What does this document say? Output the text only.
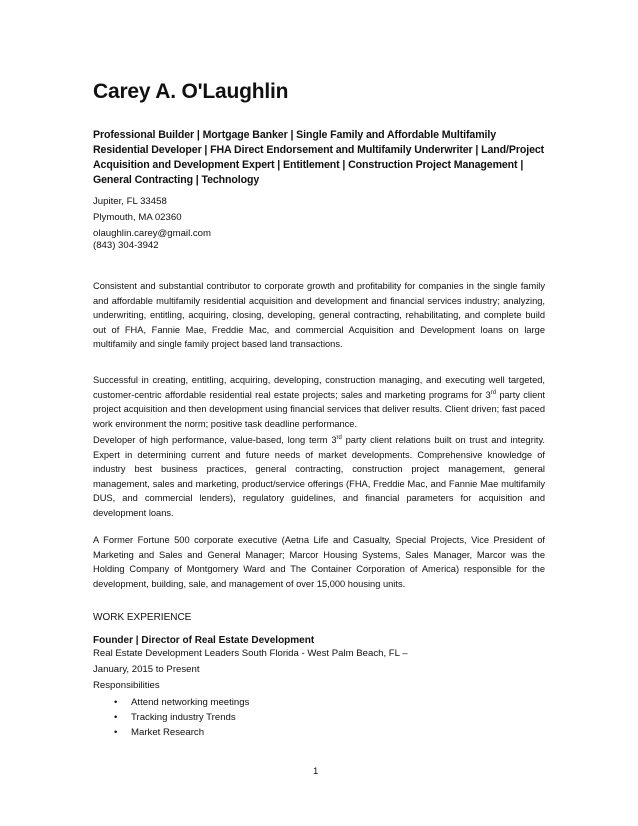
Carey A. O'Laughlin
Professional Builder | Mortgage Banker | Single Family and Affordable Multifamily Residential Developer | FHA Direct Endorsement and Multifamily Underwriter | Land/Project Acquisition and Development Expert | Entitlement | Construction Project Management | General Contracting | Technology
Jupiter, FL 33458
Plymouth, MA 02360
olaughlin.carey@gmail.com
(843) 304-3942
Consistent and substantial contributor to corporate growth and profitability for companies in the single family and affordable multifamily residential acquisition and development and financial services industry; analyzing, underwriting, entitling, acquiring, closing, developing, general contracting, rehabilitating, and complete build out of FHA, Fannie Mae, Freddie Mac, and commercial Acquisition and Development loans on large multifamily and single family project based land transactions.
Successful in creating, entitling, acquiring, developing, construction managing, and executing well targeted, customer-centric affordable residential real estate projects; sales and marketing programs for 3rd party client project acquisition and then development using financial services that deliver results. Client driven; fast paced work environment the norm; positive task deadline performance.
Developer of high performance, value-based, long term 3rd party client relations built on trust and integrity. Expert in determining current and future needs of market developments. Comprehensive knowledge of industry best business practices, general contracting, construction project management, general management, sales and marketing, product/service offerings (FHA, Freddie Mac, and Fannie Mae multifamily DUS, and commercial lenders), regulatory guidelines, and financial parameters for acquisition and development loans.
A Former Fortune 500 corporate executive (Aetna Life and Casualty, Special Projects, Vice President of Marketing and Sales and General Manager; Marcor Housing Systems, Sales Manager, Marcor was the Holding Company of Montgomery Ward and The Container Corporation of America) responsible for the development, building, sale, and management of over 15,000 housing units.
WORK EXPERIENCE
Founder | Director of Real Estate Development
Real Estate Development Leaders South Florida - West Palm Beach, FL –
January, 2015 to Present
Responsibilities
• Attend networking meetings
• Tracking industry Trends
• Market Research
1
